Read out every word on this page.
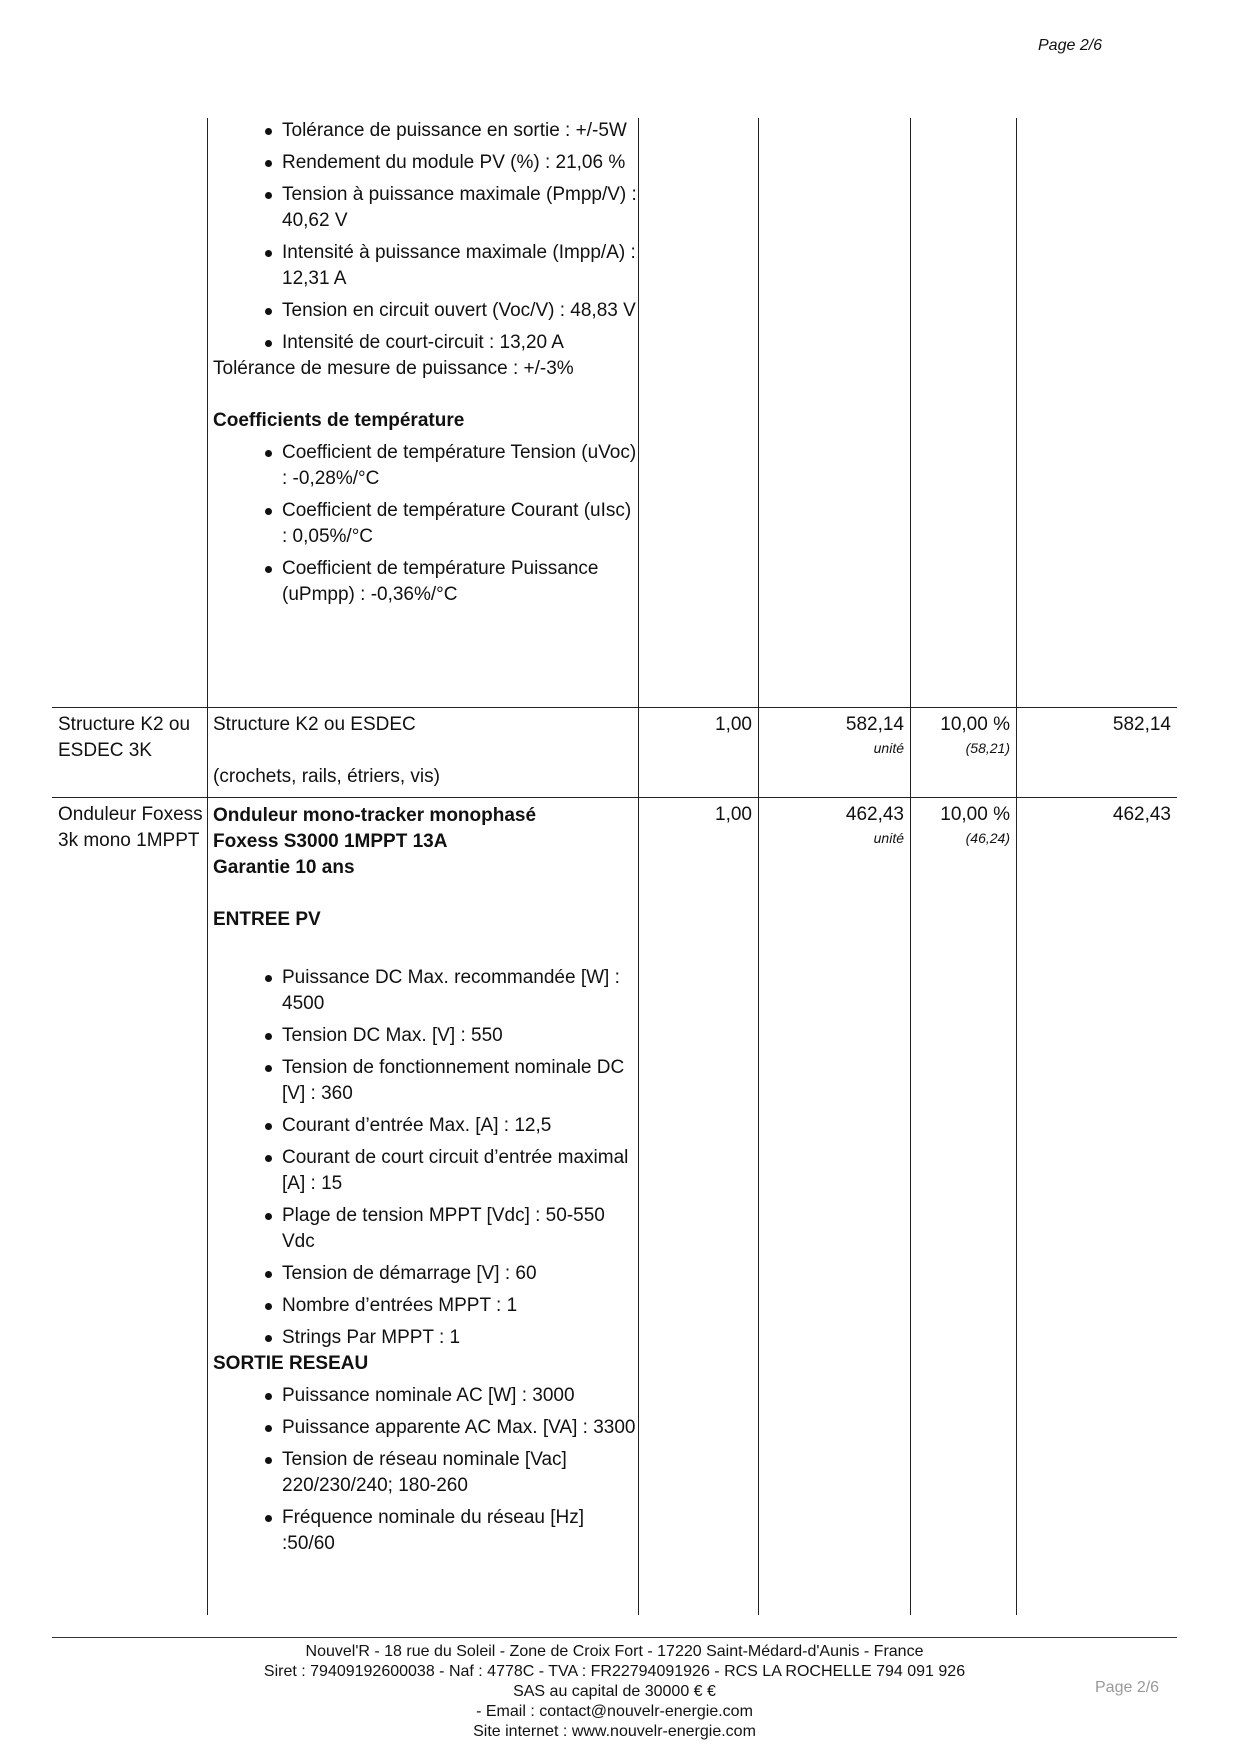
Page 2/6
Tolérance de puissance en sortie : +/-5W
Rendement du module PV (%) : 21,06 %
Tension à puissance maximale (Pmpp/V) : 40,62 V
Intensité à puissance maximale (Impp/A) : 12,31 A
Tension en circuit ouvert (Voc/V) : 48,83 V
Intensité de court-circuit : 13,20 A
Tolérance de mesure de puissance : +/-3%
Coefficients de température
Coefficient de température Tension (uVoc) : -0,28%/°C
Coefficient de température Courant (uIsc) : 0,05%/°C
Coefficient de température Puissance (uPmpp) : -0,36%/°C
Structure K2 ou ESDEC 3K
Structure K2 ou ESDEC
(crochets, rails, étriers, vis)
1,00	582,14
unité
10,00 %
(58,21)
582,14
Onduleur Foxess 3k mono 1MPPT
Onduleur mono-tracker monophasé
Foxess S3000 1MPPT 13A
Garantie 10 ans
ENTREE PV
Puissance DC Max. recommandée [W] : 4500
Tension DC Max. [V] : 550
Tension de fonctionnement nominale DC [V] : 360
Courant d’entrée Max. [A] : 12,5
Courant de court circuit d’entrée maximal [A] : 15
Plage de tension MPPT [Vdc] : 50-550 Vdc
Tension de démarrage [V] : 60
Nombre d’entrées MPPT : 1
Strings Par MPPT : 1
SORTIE RESEAU
Puissance nominale AC [W] : 3000
Puissance apparente AC Max. [VA] : 3300
Tension de réseau nominale [Vac] 220/230/240; 180-260
Fréquence nominale du réseau [Hz] :50/60
1,00	462,43
unité
10,00 %
(46,24)
462,43
Nouvel'R - 18 rue du Soleil - Zone de Croix Fort - 17220 Saint-Médard-d'Aunis - France
Siret : 79409192600038 - Naf : 4778C - TVA : FR22794091926 - RCS LA ROCHELLE 794 091 926
SAS au capital de 30000 € €
- Email : contact@nouvelr-energie.com
Site internet : www.nouvelr-energie.com
Page 2/6
